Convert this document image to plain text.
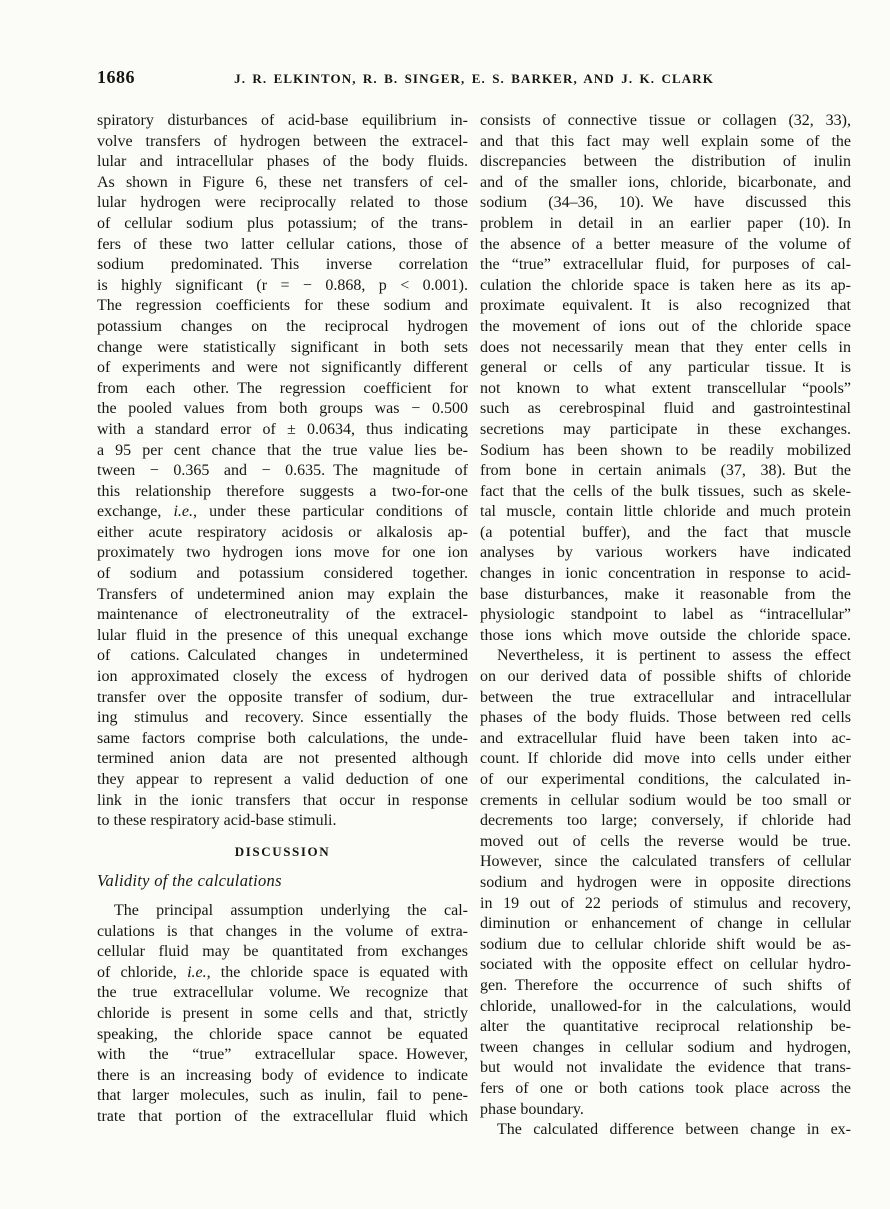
1686	J. R. ELKINTON, R. B. SINGER, E. S. BARKER, AND J. K. CLARK
spiratory disturbances of acid-base equilibrium in-
volve transfers of hydrogen between the extracel-
lular and intracellular phases of the body fluids.
As shown in Figure 6, these net transfers of cel-
lular hydrogen were reciprocally related to those
of cellular sodium plus potassium; of the trans-
fers of these two latter cellular cations, those of
sodium predominated. This inverse correlation
is highly significant (r = − 0.868, p < 0.001).
The regression coefficients for these sodium and
potassium changes on the reciprocal hydrogen
change were statistically significant in both sets
of experiments and were not significantly different
from each other. The regression coefficient for
the pooled values from both groups was − 0.500
with a standard error of ± 0.0634, thus indicating
a 95 per cent chance that the true value lies be-
tween − 0.365 and − 0.635. The magnitude of
this relationship therefore suggests a two-for-one
exchange, i.e., under these particular conditions of
either acute respiratory acidosis or alkalosis ap-
proximately two hydrogen ions move for one ion
of sodium and potassium considered together.
Transfers of undetermined anion may explain the
maintenance of electroneutrality of the extracel-
lular fluid in the presence of this unequal exchange
of cations. Calculated changes in undetermined
ion approximated closely the excess of hydrogen
transfer over the opposite transfer of sodium, dur-
ing stimulus and recovery. Since essentially the
same factors comprise both calculations, the unde-
termined anion data are not presented although
they appear to represent a valid deduction of one
link in the ionic transfers that occur in response
to these respiratory acid-base stimuli.
DISCUSSION
Validity of the calculations
The principal assumption underlying the cal-
culations is that changes in the volume of extra-
cellular fluid may be quantitated from exchanges
of chloride, i.e., the chloride space is equated with
the true extracellular volume. We recognize that
chloride is present in some cells and that, strictly
speaking, the chloride space cannot be equated
with the “true” extracellular space. However,
there is an increasing body of evidence to indicate
that larger molecules, such as inulin, fail to pene-
trate that portion of the extracellular fluid which
consists of connective tissue or collagen (32, 33),
and that this fact may well explain some of the
discrepancies between the distribution of inulin
and of the smaller ions, chloride, bicarbonate, and
sodium (34–36, 10). We have discussed this
problem in detail in an earlier paper (10). In
the absence of a better measure of the volume of
the “true” extracellular fluid, for purposes of cal-
culation the chloride space is taken here as its ap-
proximate equivalent. It is also recognized that
the movement of ions out of the chloride space
does not necessarily mean that they enter cells in
general or cells of any particular tissue. It is
not known to what extent transcellular “pools”
such as cerebrospinal fluid and gastrointestinal
secretions may participate in these exchanges.
Sodium has been shown to be readily mobilized
from bone in certain animals (37, 38). But the
fact that the cells of the bulk tissues, such as skele-
tal muscle, contain little chloride and much protein
(a potential buffer), and the fact that muscle
analyses by various workers have indicated
changes in ionic concentration in response to acid-
base disturbances, make it reasonable from the
physiologic standpoint to label as “intracellular”
those ions which move outside the chloride space.
Nevertheless, it is pertinent to assess the effect
on our derived data of possible shifts of chloride
between the true extracellular and intracellular
phases of the body fluids. Those between red cells
and extracellular fluid have been taken into ac-
count. If chloride did move into cells under either
of our experimental conditions, the calculated in-
crements in cellular sodium would be too small or
decrements too large; conversely, if chloride had
moved out of cells the reverse would be true.
However, since the calculated transfers of cellular
sodium and hydrogen were in opposite directions
in 19 out of 22 periods of stimulus and recovery,
diminution or enhancement of change in cellular
sodium due to cellular chloride shift would be as-
sociated with the opposite effect on cellular hydro-
gen. Therefore the occurrence of such shifts of
chloride, unallowed-for in the calculations, would
alter the quantitative reciprocal relationship be-
tween changes in cellular sodium and hydrogen,
but would not invalidate the evidence that trans-
fers of one or both cations took place across the
phase boundary.
The calculated difference between change in ex-
